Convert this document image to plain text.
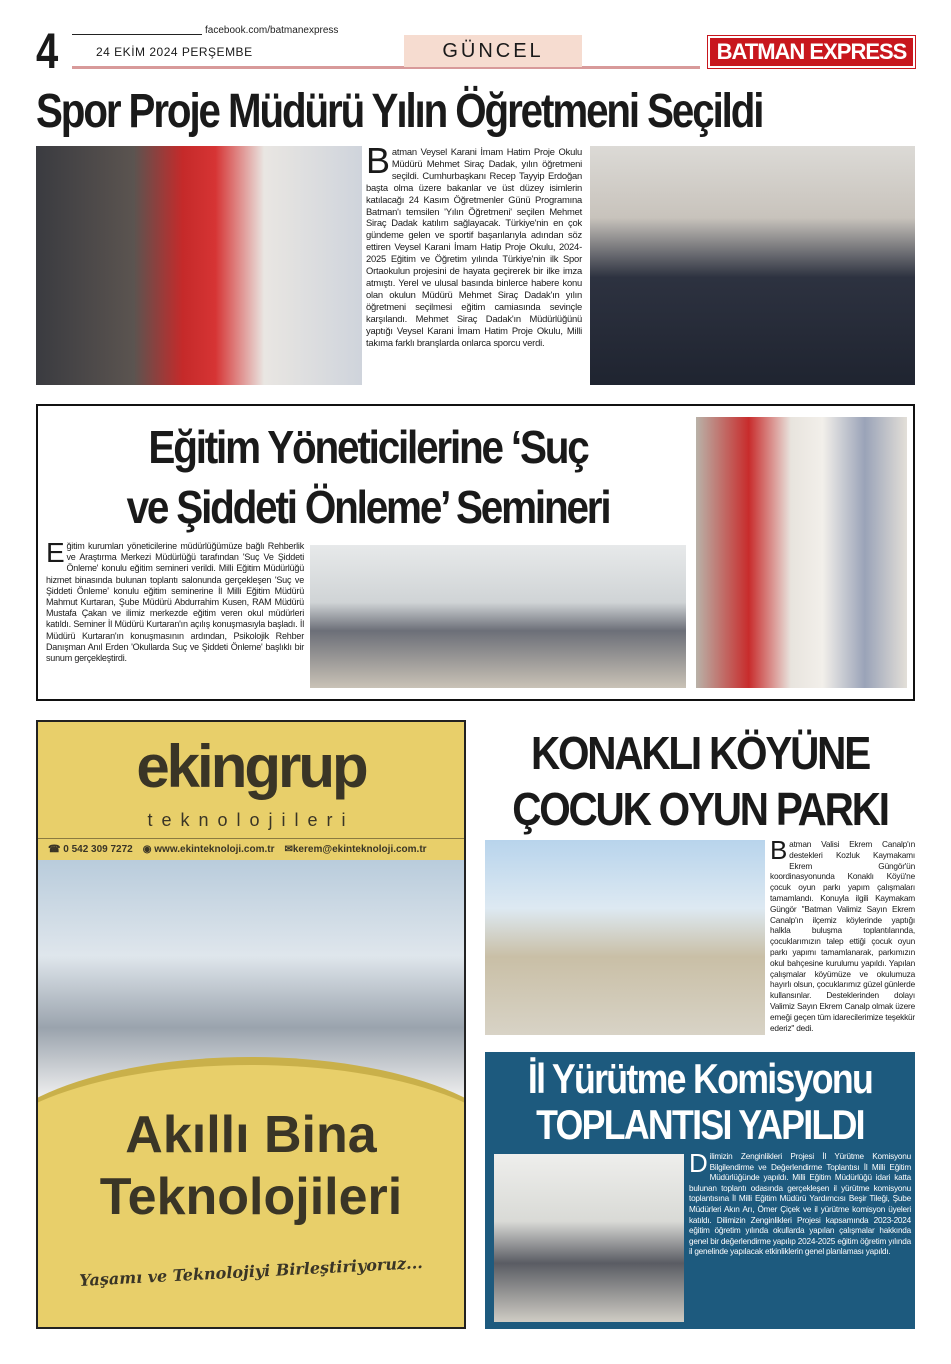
4	facebook.com/batmanexpress
24 EKİM 2024 PERŞEMBE	GÜNCEL	BATMAN EXPRESS
Spor Proje Müdürü Yılın Öğretmeni Seçildi
Batman Veysel Karani İmam Hatim Proje Okulu Müdürü Mehmet Siraç Dadak, yılın öğretmeni seçildi. Cumhurbaşkanı Recep Tayyip Erdoğan başta olma üzere bakanlar ve üst düzey isimlerin katılacağı 24 Kasım Öğretmenler Günü Programına Batman'ı temsilen 'Yılın Öğretmeni' seçilen Mehmet Siraç Dadak katılım sağlayacak. Türkiye'nin en çok gündeme gelen ve sportif başarılarıyla adından söz ettiren Veysel Karani İmam Hatip Proje Okulu, 2024-2025 Eğitim ve Öğretim yılında Türkiye'nin ilk Spor Ortaokulun projesini de hayata geçirerek bir ilke imza atmıştı. Yerel ve ulusal basında binlerce habere konu olan okulun Müdürü Mehmet Siraç Dadak'ın yılın öğretmeni seçilmesi eğitim camiasında sevinçle karşılandı. Mehmet Siraç Dadak'ın Müdürlüğünü yaptığı Veysel Karani İmam Hatim Proje Okulu, Milli takıma farklı branşlarda onlarca sporcu verdi.
Eğitim Yöneticilerine ‘Suç
ve Şiddeti Önleme’ Semineri
Eğitim kurumları yöneticilerine müdürlüğümüze bağlı Rehberlik ve Araştırma Merkezi Müdürlüğü tarafından 'Suç Ve Şiddeti Önleme' konulu eğitim semineri verildi. Milli Eğitim Müdürlüğü hizmet binasında bulunan toplantı salonunda gerçekleşen 'Suç ve Şiddeti Önleme' konulu eğitim seminerine İl Milli Eğitim Müdürü Mahmut Kurtaran, Şube Müdürü Abdurrahim Kusen, RAM Müdürü Mustafa Çakan ve ilimiz merkezde eğitim veren okul müdürleri katıldı. Seminer İl Müdürü Kurtaran'ın açılış konuşmasıyla başladı. İl Müdürü Kurtaran'ın konuşmasının ardından, Psikolojik Rehber Danışman Anıl Erden 'Okullarda Suç ve Şiddeti Önleme' başlıklı bir sunum gerçekleştirdi.
ekingrup
teknolojileri
☎ 0 542 309 7272 ◉ www.ekinteknoloji.com.tr ✉kerem@ekinteknoloji.com.tr
Akıllı Bina
Teknolojileri
Yaşamı ve Teknolojiyi Birleştiriyoruz...
KONAKLI KÖYÜNE
ÇOCUK OYUN PARKI
Batman Valisi Ekrem Canalp'ın destekleri Kozluk Kaymakamı Ekrem Güngör'ün koordinasyonunda Konaklı Köyü'ne çocuk oyun parkı yapım çalışmaları tamamlandı. Konuyla ilgili Kaymakam Güngör "Batman Valimiz Sayın Ekrem Canalp'ın ilçemiz köylerinde yaptığı halkla buluşma toplantılarında, çocuklarımızın talep ettiği çocuk oyun parkı yapımı tamamlanarak, parkımızın okul bahçesine kurulumu yapıldı. Yapılan çalışmalar köyümüze ve okulumuza hayırlı olsun, çocuklarımız güzel günlerde kullansınlar. Desteklerinden dolayı Valimiz Sayın Ekrem Canalp olmak üzere emeği geçen tüm idarecilerimize teşekkür ederiz" dedi.
İl Yürütme Komisyonu
TOPLANTISI YAPILDI
Dilimizin Zenginlikleri Projesi İl Yürütme Komisyonu Bilgilendirme ve Değerlendirme Toplantısı İl Milli Eğitim Müdürlüğünde yapıldı. Milli Eğitim Müdürlüğü idari katta bulunan toplantı odasında gerçekleşen il yürütme komisyonu toplantısına İl Milli Eğitim Müdürü Yardımcısı Beşir Tileği, Şube Müdürleri Akın Arı, Ömer Çiçek ve il yürütme komisyon üyeleri katıldı. Dilimizin Zenginlikleri Projesi kapsamında 2023-2024 eğitim öğretim yılında okullarda yapılan çalışmalar hakkında genel bir değerlendirme yapılıp 2024-2025 eğitim öğretim yılında il genelinde yapılacak etkinliklerin genel planlaması yapıldı.
